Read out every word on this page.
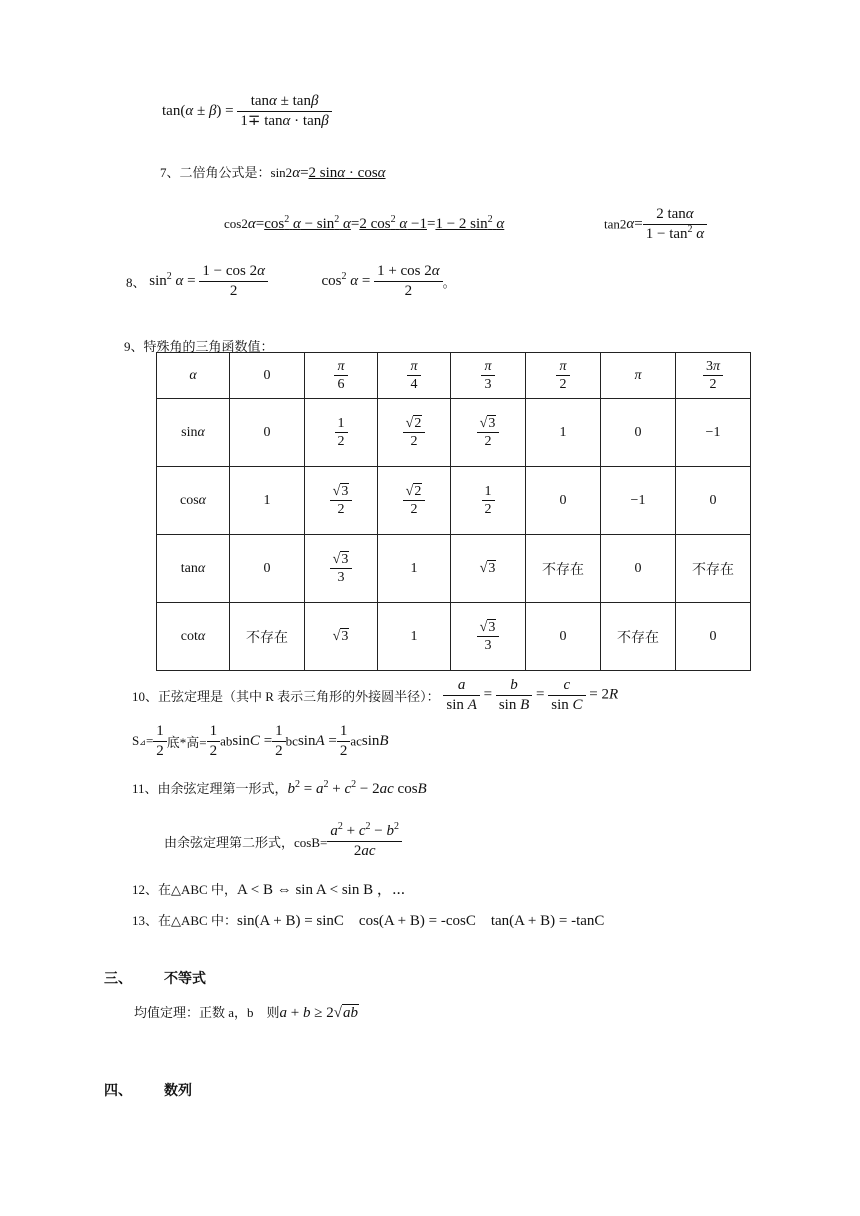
$\tan(\alpha \pm \beta) = \frac{\tan\alpha \pm \tan\beta}{1\mp \tan\alpha \cdot \tan\beta}$
7、二倍角公式是：sin2α=2 sinα · cosα
$\cos 2\alpha=\cos^2$ $\alpha - \sin^2 \alpha=2$ $\cos^2 \alpha -1=1 - 2$ $\sin^2 \alpha$	$\tan 2\alpha= \frac{2 \tan\alpha}{1 - \tan^2 \alpha}$
8、 $\sin^2 \alpha = \frac{1 - \cos 2\alpha}{2}$	$\cos^2 \alpha = \frac{1 + \cos 2\alpha}{2}$ 。
9、特殊角的三角函数值：
α	0	$\frac{\pi}{6}$	$\frac{\pi}{4}$	$\frac{\pi}{3}$	$\frac{\pi}{2}$	π	$\frac{3\pi}{2}$

sinα	0	$\frac{1}{2}$	$\frac{√2}{2}$	$\frac{√3}{2}$	1	0	−1
cosα	1	$\frac{√3}{2}$	$\frac{√2}{2}$	$\frac{1}{2}$	0	−1	0
tanα	0	$\frac{√3}{3}$	1	√3	不存在	0	不存在
cotα	不存在	√3	1	$\frac{√3}{3}$	0	不存在	0
10、正弦定理是（其中 R 表示三角形的外接圆半径）： $\frac{a}{\text{sin A}} = \frac{b}{\text{sin B}} = \frac{c}{\text{sin C}} = 2R$
S⊿= $\frac{1}{2}$ 底*高= $\frac{1}{2}$ $absinC = \frac{1}{2}$ $bcsinA = \frac{1}{2}$ acsinB
11、由余弦定理第一形式，$b^2 = a^2 + c^2 - 2ac$ cosB
由余弦定理第二形式，$\cos B= \frac{a^2 + c^2 - b^2}{2ac}$
12、在△ABC 中，A < B ⇔ sin A < sin B ，⋯
13、在△ABC 中：sin(A + B) = sinC    cos(A + B) = -cosC    tan(A + B) = -tanC
三、 不等式
均值定理：正数 a，b    则a + b ≥ 2√ab
四、 数列
